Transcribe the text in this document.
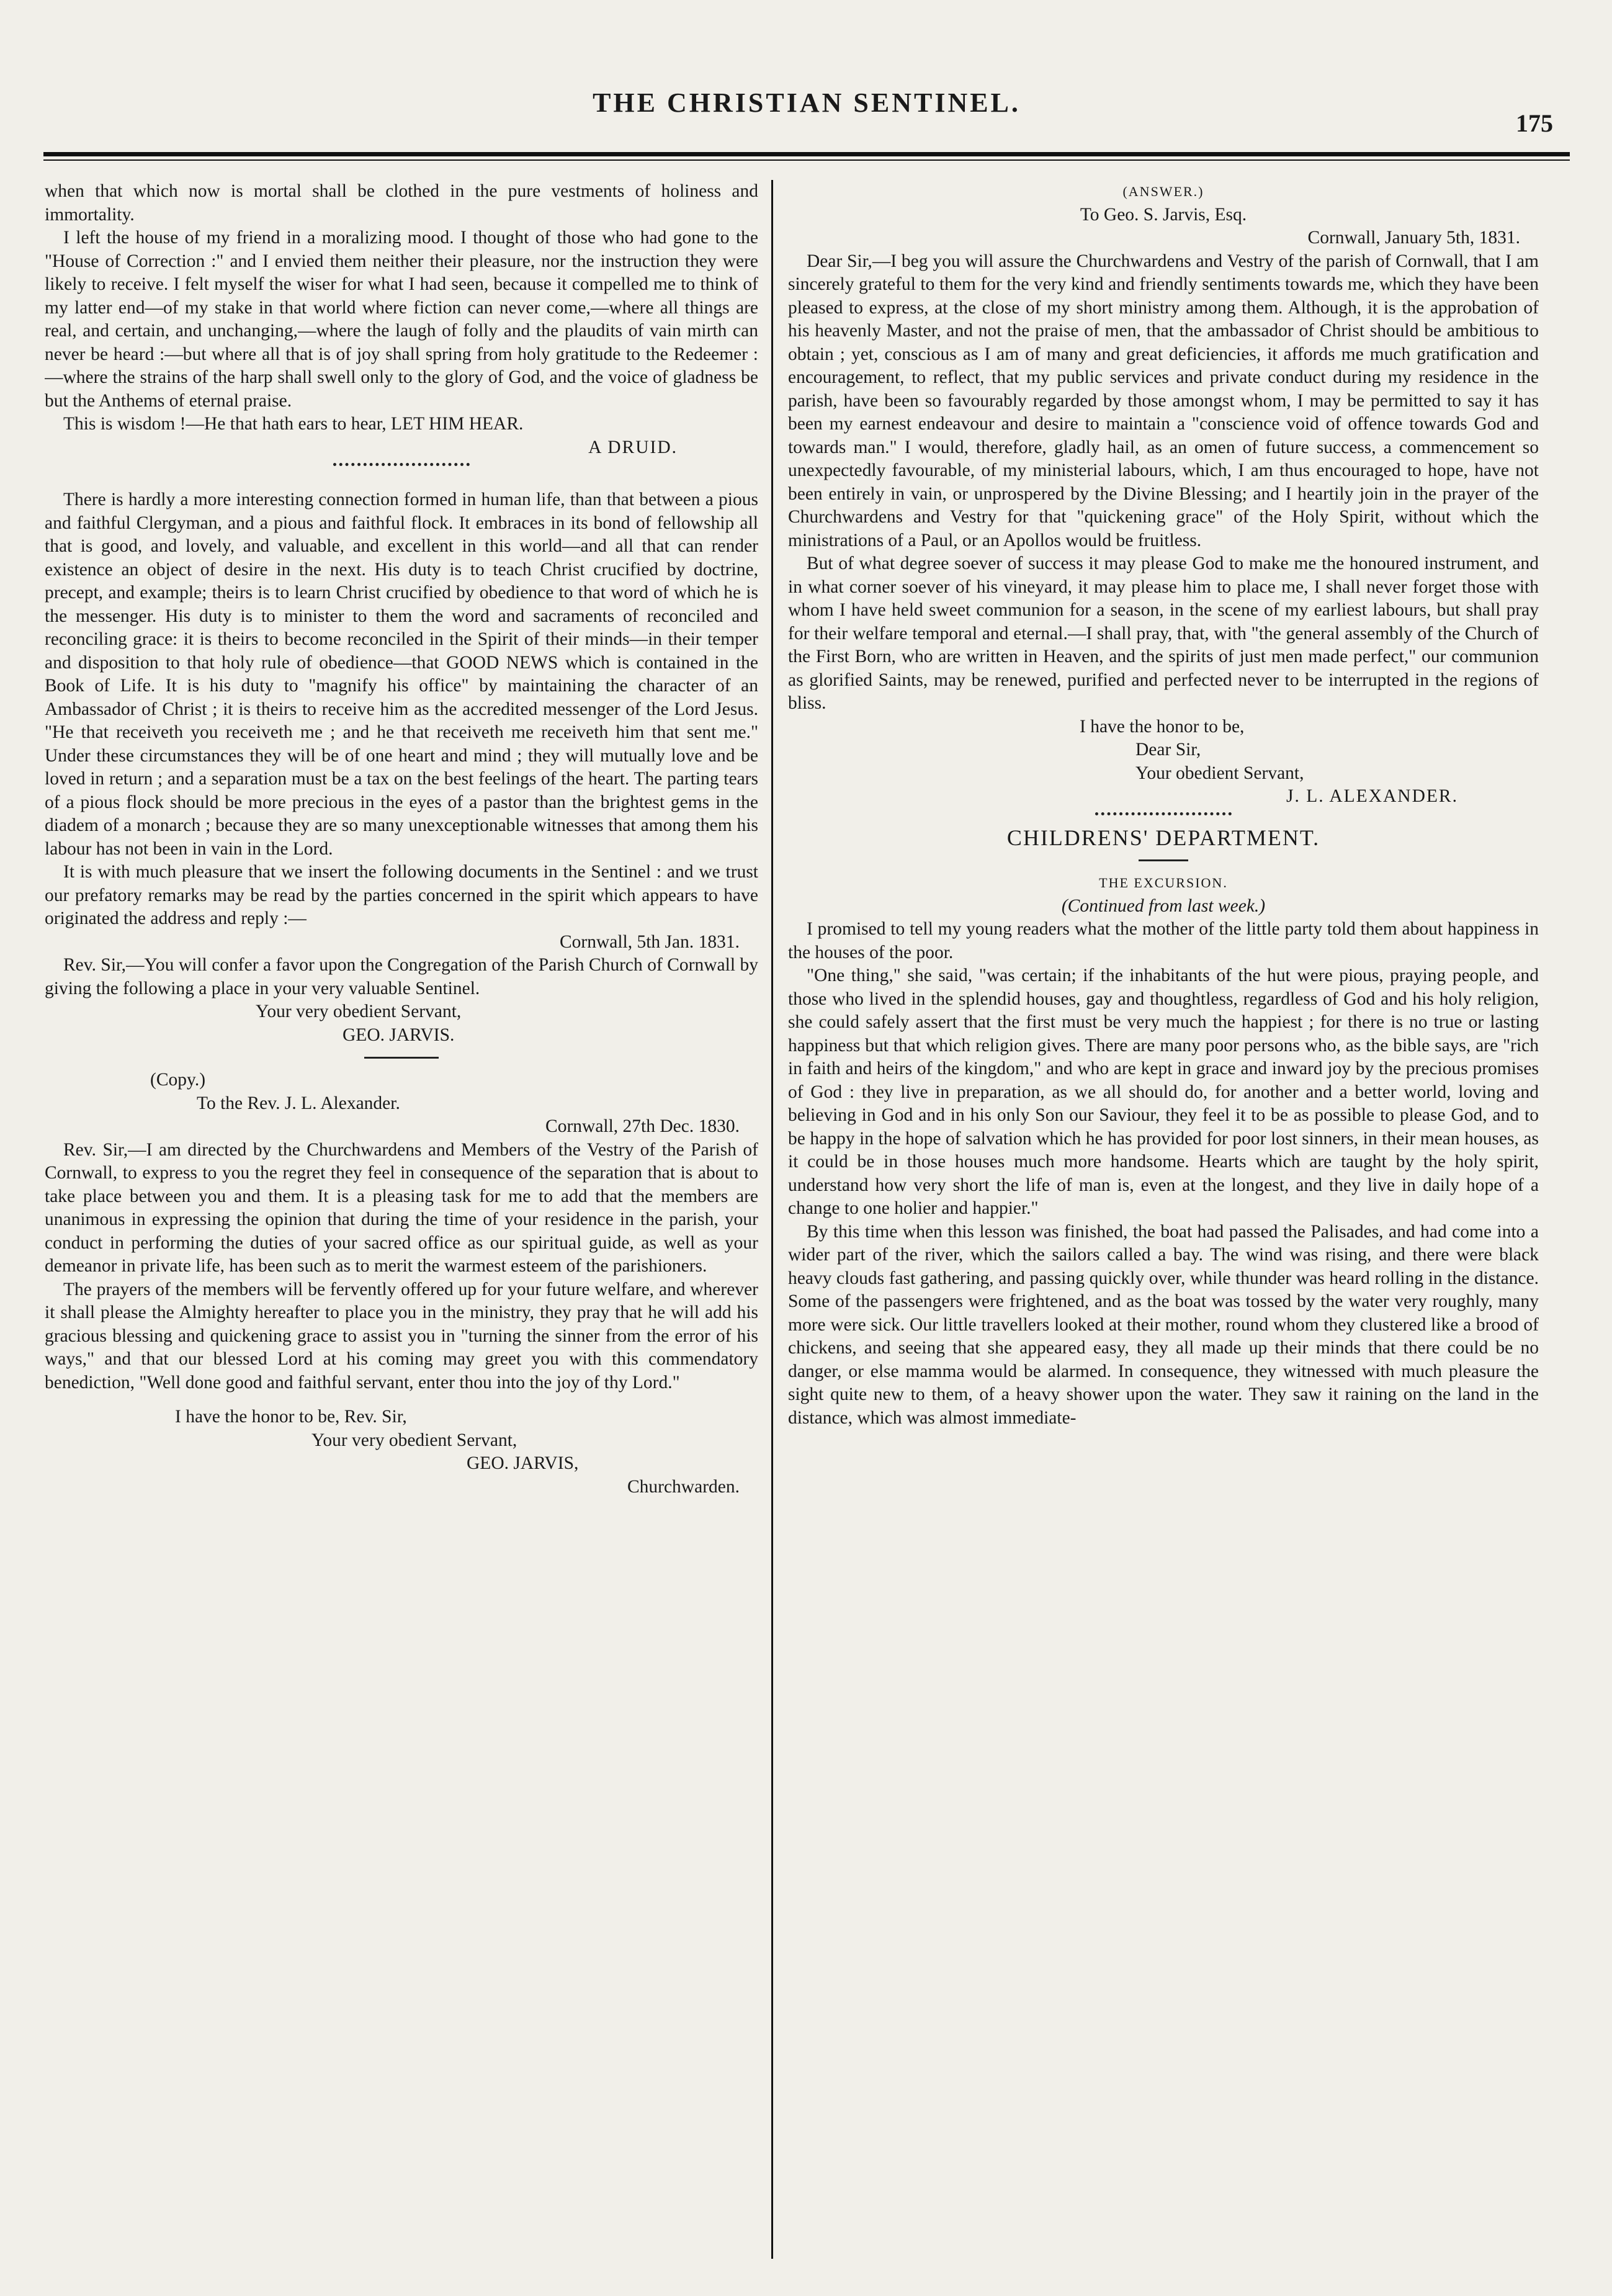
THE CHRISTIAN SENTINEL.
175

when that which now is mortal shall be clothed in the pure vestments of holiness and immortality.

I left the house of my friend in a moralizing mood. I thought of those who had gone to the "House of Correction :" and I envied them neither their pleasure, nor the instruction they were likely to receive. I felt myself the wiser for what I had seen, because it compelled me to think of my latter end—of my stake in that world where fiction can never come,—where all things are real, and certain, and unchanging,—where the laugh of folly and the plaudits of vain mirth can never be heard :—but where all that is of joy shall spring from holy gratitude to the Redeemer :—where the strains of the harp shall swell only to the glory of God, and the voice of gladness be but the Anthems of eternal praise.

This is wisdom !—He that hath ears to hear, LET HIM HEAR.

A DRUID.

There is hardly a more interesting connection formed in human life, than that between a pious and faithful Clergyman, and a pious and faithful flock. It embraces in its bond of fellowship all that is good, and lovely, and valuable, and excellent in this world—and all that can render existence an object of desire in the next. His duty is to teach Christ crucified by doctrine, precept, and example; theirs is to learn Christ crucified by obedience to that word of which he is the messenger. His duty is to minister to them the word and sacraments of reconciled and reconciling grace: it is theirs to become reconciled in the Spirit of their minds—in their temper and disposition to that holy rule of obedience—that GOOD NEWS which is contained in the Book of Life. It is his duty to "magnify his office" by maintaining the character of an Ambassador of Christ ; it is theirs to receive him as the accredited messenger of the Lord Jesus. "He that receiveth you receiveth me ; and he that receiveth me receiveth him that sent me." Under these circumstances they will be of one heart and mind ; they will mutually love and be loved in return ; and a separation must be a tax on the best feelings of the heart. The parting tears of a pious flock should be more precious in the eyes of a pastor than the brightest gems in the diadem of a monarch ; because they are so many unexceptionable witnesses that among them his labour has not been in vain in the Lord.

It is with much pleasure that we insert the following documents in the Sentinel : and we trust our prefatory remarks may be read by the parties concerned in the spirit which appears to have originated the address and reply :—

Cornwall, 5th Jan. 1831.

Rev. Sir,—You will confer a favor upon the Congregation of the Parish Church of Cornwall by giving the following a place in your very valuable Sentinel.

Your very obedient Servant,

GEO. JARVIS.

(Copy.)

To the Rev. J. L. Alexander.

Cornwall, 27th Dec. 1830.

Rev. Sir,—I am directed by the Churchwardens and Members of the Vestry of the Parish of Cornwall, to express to you the regret they feel in consequence of the separation that is about to take place between you and them. It is a pleasing task for me to add that the members are unanimous in expressing the opinion that during the time of your residence in the parish, your conduct in performing the duties of your sacred office as our spiritual guide, as well as your demeanor in private life, has been such as to merit the warmest esteem of the parishioners.

The prayers of the members will be fervently offered up for your future welfare, and wherever it shall please the Almighty hereafter to place you in the ministry, they pray that he will add his gracious blessing and quickening grace to assist you in "turning the sinner from the error of his ways," and that our blessed Lord at his coming may greet you with this commendatory benediction, "Well done good and faithful servant, enter thou into the joy of thy Lord."

I have the honor to be, Rev. Sir,

Your very obedient Servant,

GEO. JARVIS,

Churchwarden.

(ANSWER.)

To Geo. S. Jarvis, Esq.

Cornwall, January 5th, 1831.

Dear Sir,—I beg you will assure the Churchwardens and Vestry of the parish of Cornwall, that I am sincerely grateful to them for the very kind and friendly sentiments towards me, which they have been pleased to express, at the close of my short ministry among them. Although, it is the approbation of his heavenly Master, and not the praise of men, that the ambassador of Christ should be ambitious to obtain ; yet, conscious as I am of many and great deficiencies, it affords me much gratification and encouragement, to reflect, that my public services and private conduct during my residence in the parish, have been so favourably regarded by those amongst whom, I may be permitted to say it has been my earnest endeavour and desire to maintain a "conscience void of offence towards God and towards man." I would, therefore, gladly hail, as an omen of future success, a commencement so unexpectedly favourable, of my ministerial labours, which, I am thus encouraged to hope, have not been entirely in vain, or unprospered by the Divine Blessing; and I heartily join in the prayer of the Churchwardens and Vestry for that "quickening grace" of the Holy Spirit, without which the ministrations of a Paul, or an Apollos would be fruitless.

But of what degree soever of success it may please God to make me the honoured instrument, and in what corner soever of his vineyard, it may please him to place me, I shall never forget those with whom I have held sweet communion for a season, in the scene of my earliest labours, but shall pray for their welfare temporal and eternal.—I shall pray, that, with "the general assembly of the Church of the First Born, who are written in Heaven, and the spirits of just men made perfect," our communion as glorified Saints, may be renewed, purified and perfected never to be interrupted in the regions of bliss.

I have the honor to be,

Dear Sir,

Your obedient Servant,

J. L. ALEXANDER.

CHILDRENS' DEPARTMENT.

THE EXCURSION.

(Continued from last week.)

I promised to tell my young readers what the mother of the little party told them about happiness in the houses of the poor.

"One thing," she said, "was certain; if the inhabitants of the hut were pious, praying people, and those who lived in the splendid houses, gay and thoughtless, regardless of God and his holy religion, she could safely assert that the first must be very much the happiest ; for there is no true or lasting happiness but that which religion gives. There are many poor persons who, as the bible says, are "rich in faith and heirs of the kingdom," and who are kept in grace and inward joy by the precious promises of God : they live in preparation, as we all should do, for another and a better world, loving and believing in God and in his only Son our Saviour, they feel it to be as possible to please God, and to be happy in the hope of salvation which he has provided for poor lost sinners, in their mean houses, as it could be in those houses much more handsome. Hearts which are taught by the holy spirit, understand how very short the life of man is, even at the longest, and they live in daily hope of a change to one holier and happier."

By this time when this lesson was finished, the boat had passed the Palisades, and had come into a wider part of the river, which the sailors called a bay. The wind was rising, and there were black heavy clouds fast gathering, and passing quickly over, while thunder was heard rolling in the distance. Some of the passengers were frightened, and as the boat was tossed by the water very roughly, many more were sick. Our little travellers looked at their mother, round whom they clustered like a brood of chickens, and seeing that she appeared easy, they all made up their minds that there could be no danger, or else mamma would be alarmed. In consequence, they witnessed with much pleasure the sight quite new to them, of a heavy shower upon the water. They saw it raining on the land in the distance, which was almost immediate-
